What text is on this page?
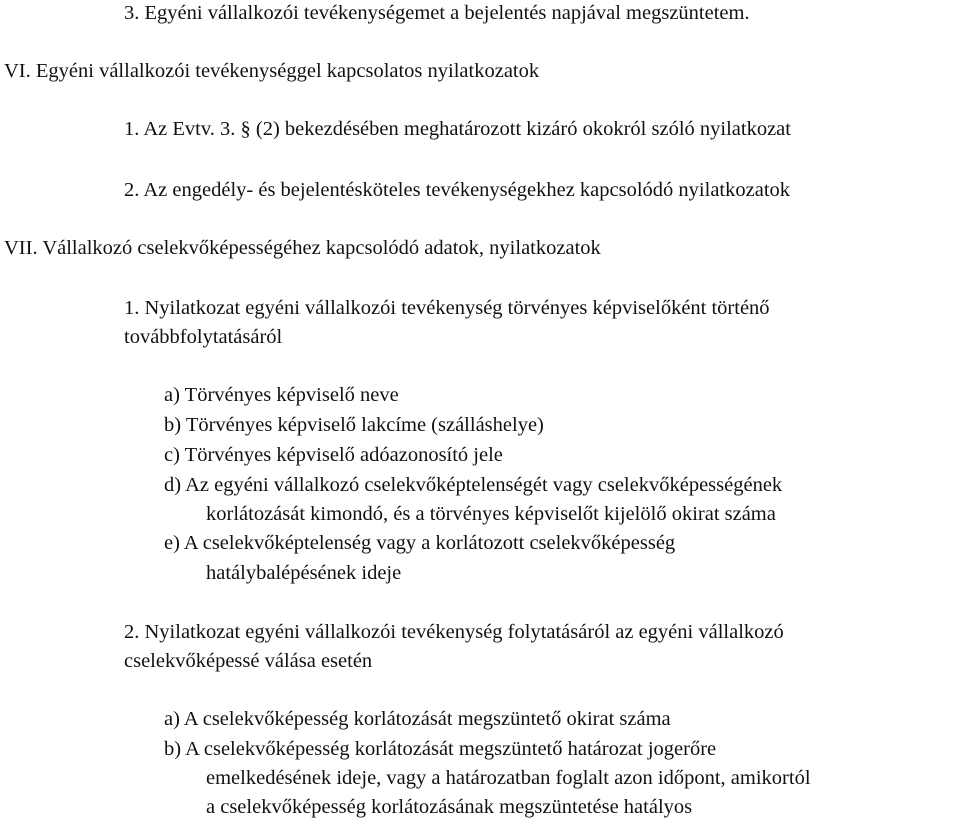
3. Egyéni vállalkozói tevékenységemet a bejelentés napjával megszüntetem.

VI. Egyéni vállalkozói tevékenységgel kapcsolatos nyilatkozatok

1. Az Evtv. 3. § (2) bekezdésében meghatározott kizáró okokról szóló nyilatkozat

2. Az engedély- és bejelentésköteles tevékenységekhez kapcsolódó nyilatkozatok

VII. Vállalkozó cselekvőképességéhez kapcsolódó adatok, nyilatkozatok

1. Nyilatkozat egyéni vállalkozói tevékenység törvényes képviselőként történő

továbbfolytatásáról

a) Törvényes képviselő neve

b) Törvényes képviselő lakcíme (szálláshelye)

c) Törvényes képviselő adóazonosító jele

d) Az egyéni vállalkozó cselekvőképtelenségét vagy cselekvőképességének

korlátozását kimondó, és a törvényes képviselőt kijelölő okirat száma

e) A cselekvőképtelenség vagy a korlátozott cselekvőképesség

hatálybalépésének ideje

2. Nyilatkozat egyéni vállalkozói tevékenység folytatásáról az egyéni vállalkozó

cselekvőképessé válása esetén

a) A cselekvőképesség korlátozását megszüntető okirat száma

b) A cselekvőképesség korlátozását megszüntető határozat jogerőre

emelkedésének ideje, vagy a határozatban foglalt azon időpont, amikortól

a cselekvőképesség korlátozásának megszüntetése hatályos
